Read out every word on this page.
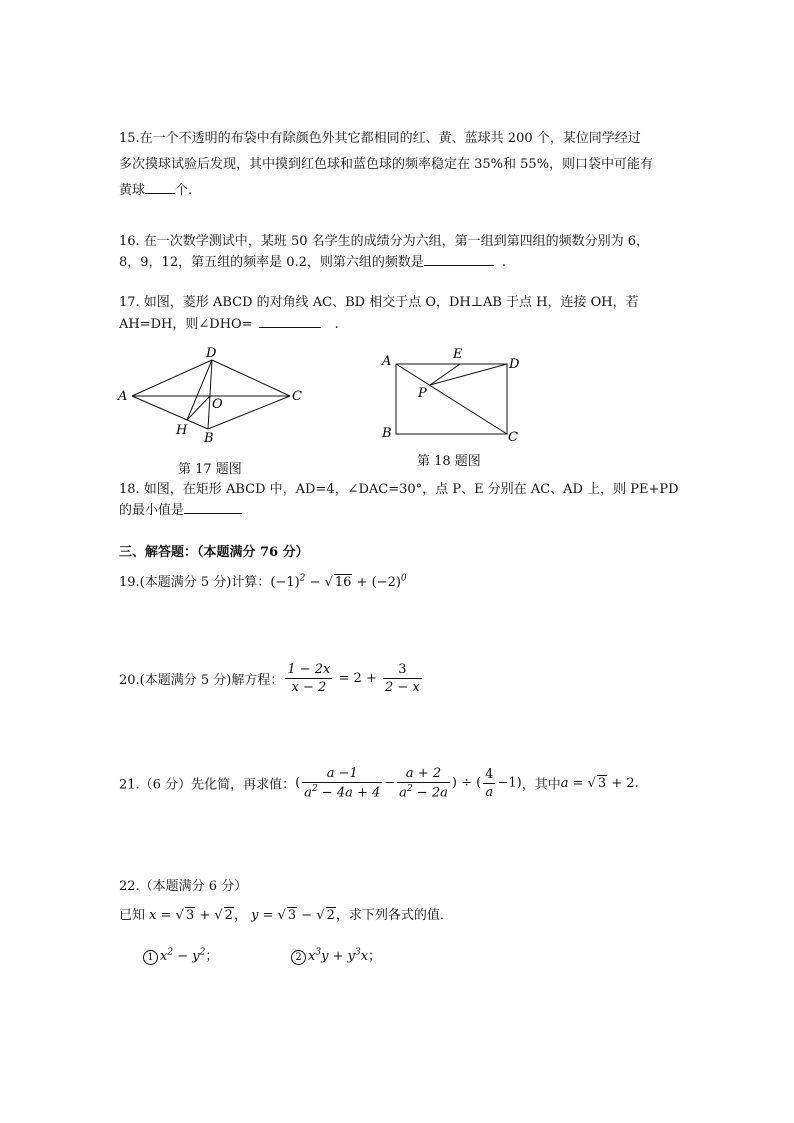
15.在一个不透明的布袋中有除颜色外其它都相同的红、黄、蓝球共 200 个，某位同学经过
多次摸球试验后发现，其中摸到红色球和蓝色球的频率稳定在 35%和 55%，则口袋中可能有
黄球 个.
16. 在一次数学测试中，某班 50 名学生的成绩分为六组，第一组到第四组的频数分别为 6，
8，9，12，第五组的频率是 0.2，则第六组的频数是	.
17. 如图，菱形 ABCD 的对角线 AC、BD 相交于点 O，DH⊥AB 于点 H，连接 OH，若
AH=DH，则∠DHO=	.
D
A	C
O
H
B
第 17 题图
A	E
D
P
B	C
第 18 题图
18. 如图，在矩形 ABCD 中，AD=4，∠DAC=30°，点 P、E 分别在 AC、AD 上，则 PE+PD
的最小值是
三、解答题：（本题满分 76 分）
19.(本题满分 5 分)计算：$(-1)^2$ − √ $16 + (-2)^0$
20.(本题满分 5 分)解方程： $\frac{1 - 2x}{x - 2} = 2 + \frac{3}{2 - x}$
21.（6 分）先化简，再求值：( $\frac{a -1}{a^2 - 4a + 4} - \frac{a + 2}{a^2 - 2a}$ ) ÷ ( $\frac{4}{a} -1$)，其中a = √ 3 + 2.
22.（本题满分 6 分）
已知 x = √ 3 + √ 2， y = √ 3 − √ 2，求下列各式的值．
1 $x^2 - y^2$；	2 $x^3y + y^3x$；
